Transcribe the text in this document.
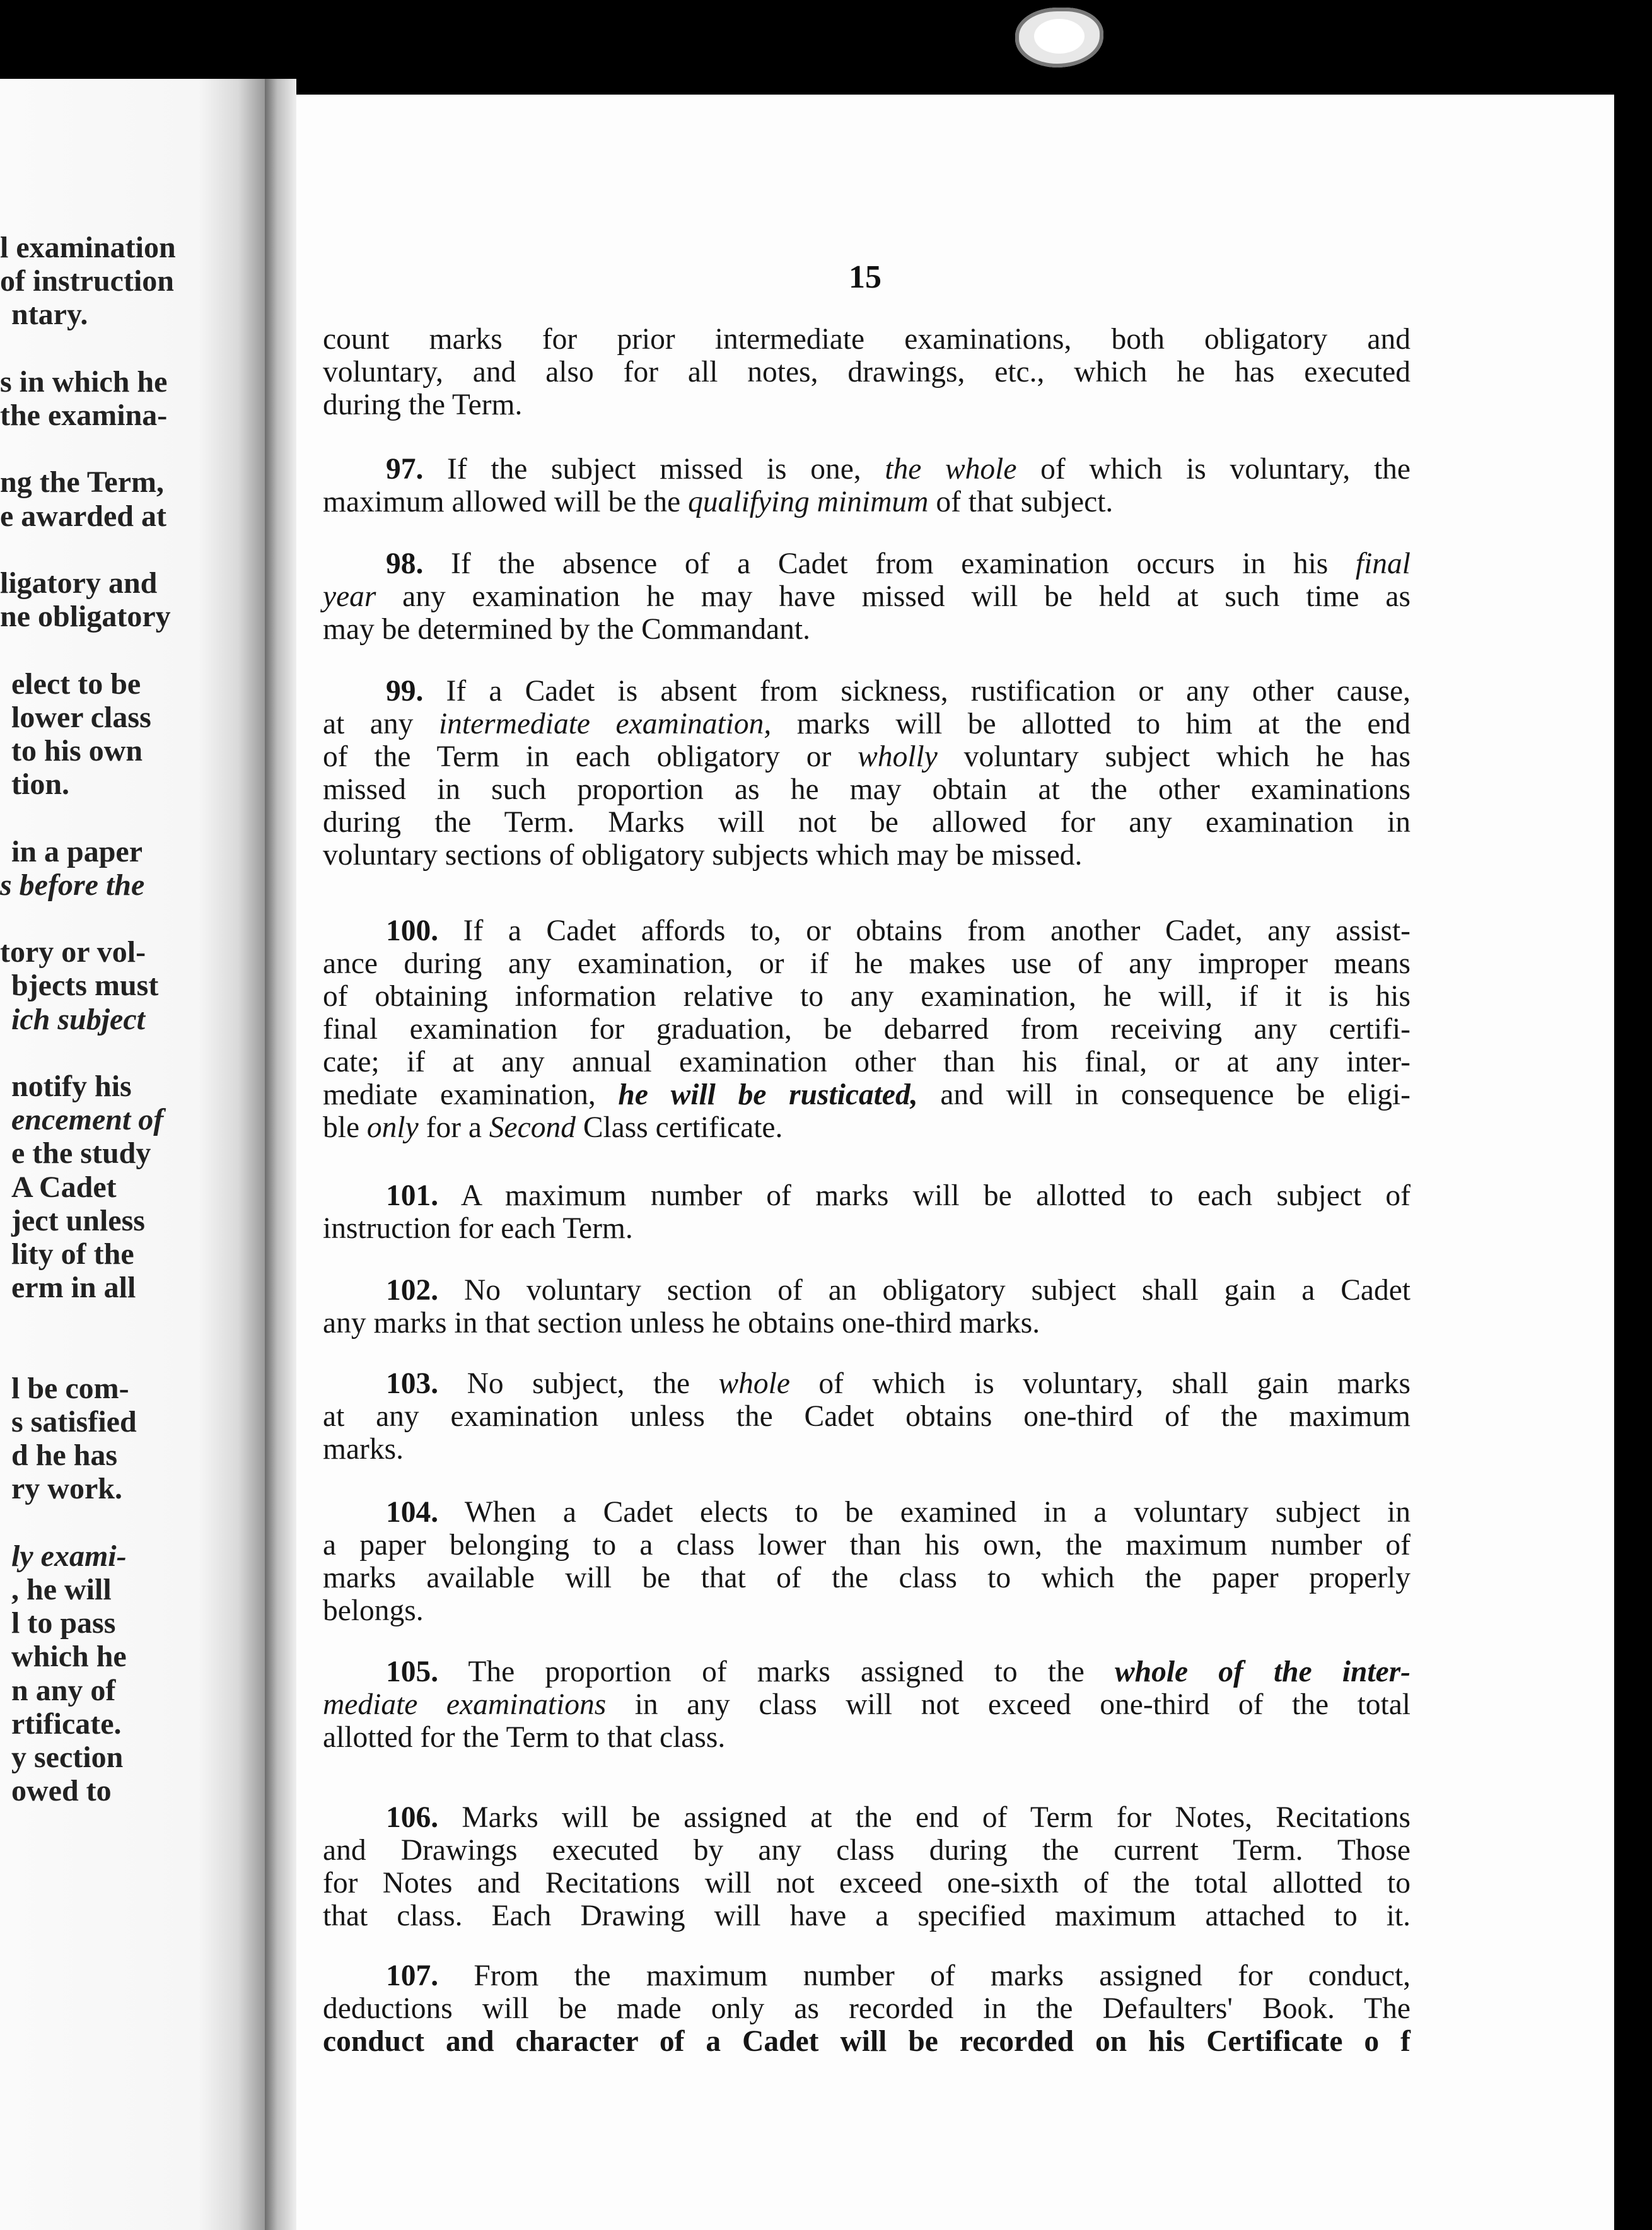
l examination
of instruction
ntary.
s in which he
the examina-
ng the Term,
e awarded at
ligatory and
ne obligatory
elect to be
lower class
to his own
tion.
in a paper
s before the
tory or vol-
bjects must
ich subject
notify his
encement of
e the study
A Cadet
ject unless
lity of the
erm in all
l be com-
s satisfied
d he has
ry work.
ly exami-
, he will
l to pass
which he
n any of
rtificate.
y section
owed to
15
count marks for prior intermediate examinations, both obligatory and
voluntary, and also for all notes, drawings, etc., which he has executed
during the Term.
97. If the subject missed is one, the whole of which is voluntary, the
maximum allowed will be the qualifying minimum of that subject.
98. If the absence of a Cadet from examination occurs in his final
year any examination he may have missed will be held at such time as
may be determined by the Commandant.
99. If a Cadet is absent from sickness, rustification or any other cause,
at any intermediate examination, marks will be allotted to him at the end
of the Term in each obligatory or wholly voluntary subject which he has
missed in such proportion as he may obtain at the other examinations
during the Term. Marks will not be allowed for any examination in
voluntary sections of obligatory subjects which may be missed.
100. If a Cadet affords to, or obtains from another Cadet, any assist-
ance during any examination, or if he makes use of any improper means
of obtaining information relative to any examination, he will, if it is his
final examination for graduation, be debarred from receiving any certifi-
cate; if at any annual examination other than his final, or at any inter-
mediate examination, he will be rusticated, and will in consequence be eligi-
ble only for a Second Class certificate.
101. A maximum number of marks will be allotted to each subject of
instruction for each Term.
102. No voluntary section of an obligatory subject shall gain a Cadet
any marks in that section unless he obtains one-third marks.
103. No subject, the whole of which is voluntary, shall gain marks
at any examination unless the Cadet obtains one-third of the maximum
marks.
104. When a Cadet elects to be examined in a voluntary subject in
a paper belonging to a class lower than his own, the maximum number of
marks available will be that of the class to which the paper properly
belongs.
105. The proportion of marks assigned to the whole of the inter-
mediate examinations in any class will not exceed one-third of the total
allotted for the Term to that class.
106. Marks will be assigned at the end of Term for Notes, Recitations
and Drawings executed by any class during the current Term. Those
for Notes and Recitations will not exceed one-sixth of the total allotted to
that class. Each Drawing will have a specified maximum attached to it.
107. From the maximum number of marks assigned for conduct,
deductions will be made only as recorded in the Defaulters' Book. The
conduct and character of a Cadet will be recorded on his Certificate o f
